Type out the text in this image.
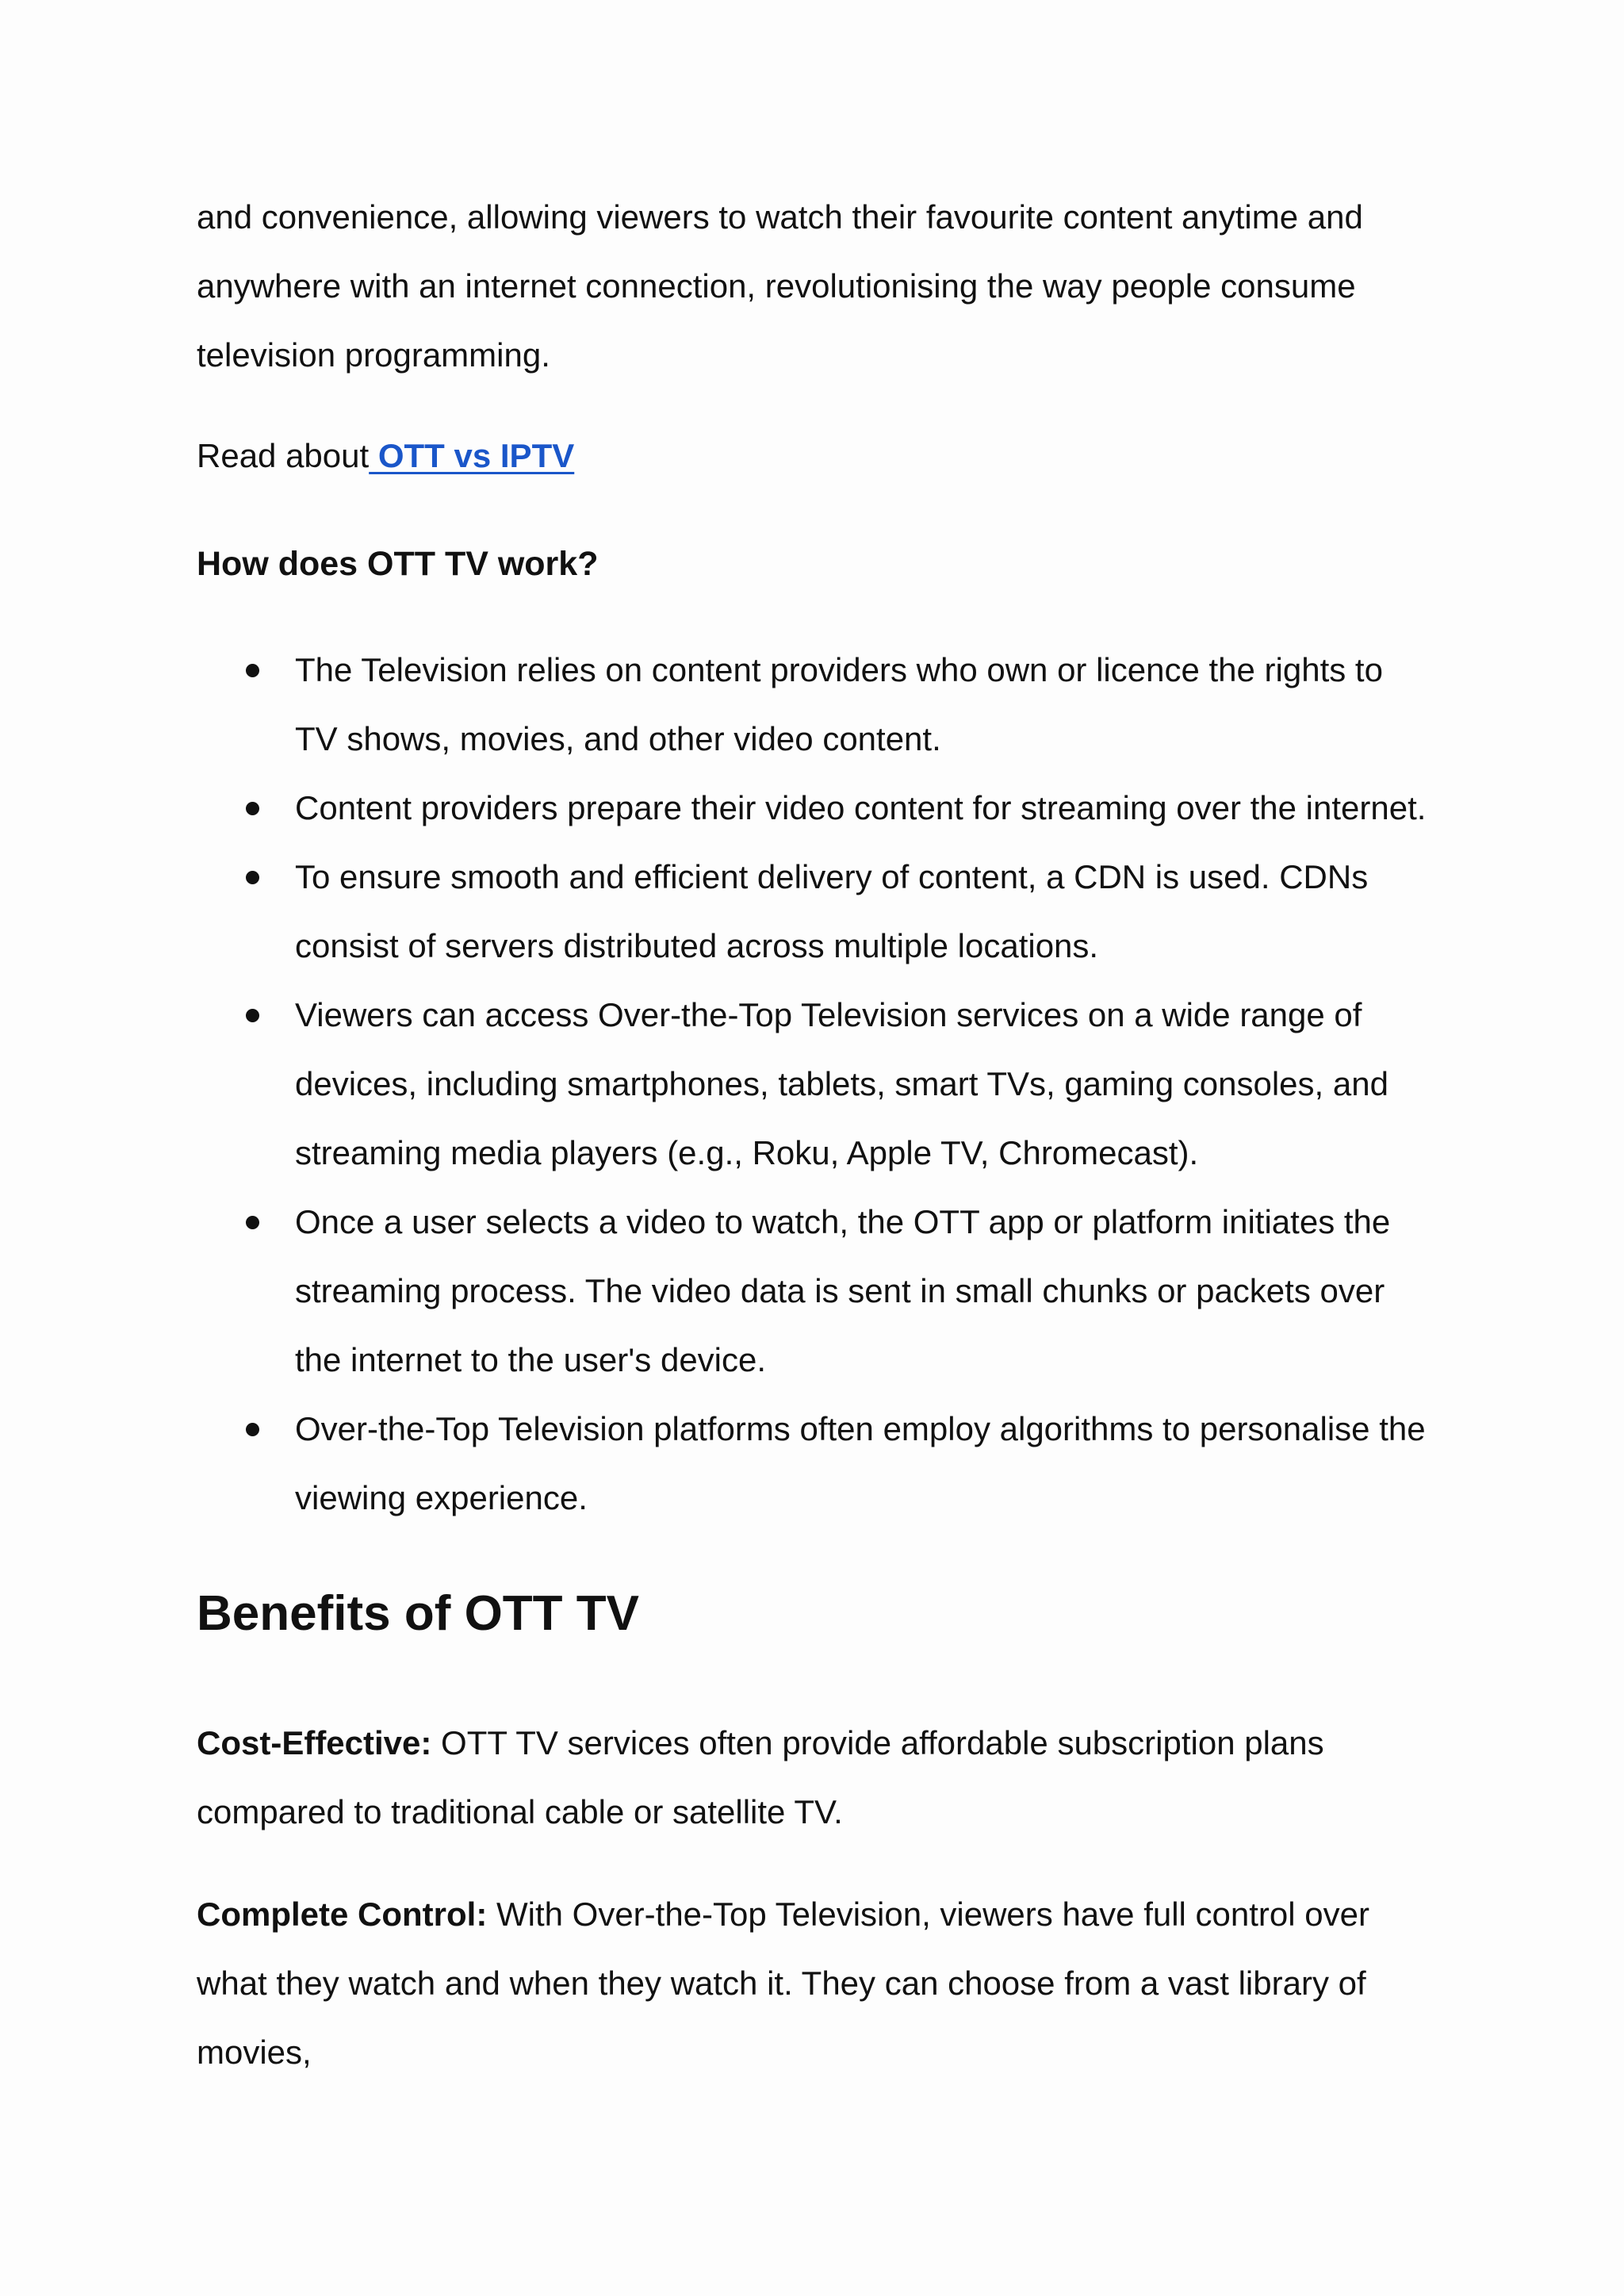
and convenience, allowing viewers to watch their favourite content anytime and anywhere with an internet connection, revolutionising the way people consume television programming.

Read about OTT vs IPTV

How does OTT TV work?
The Television relies on content providers who own or licence the rights to TV shows, movies, and other video content.
Content providers prepare their video content for streaming over the internet.
To ensure smooth and efficient delivery of content, a CDN is used. CDNs consist of servers distributed across multiple locations.
Viewers can access Over-the-Top Television services on a wide range of devices, including smartphones, tablets, smart TVs, gaming consoles, and streaming media players (e.g., Roku, Apple TV, Chromecast).
Once a user selects a video to watch, the OTT app or platform initiates the streaming process. The video data is sent in small chunks or packets over the internet to the user's device.
Over-the-Top Television platforms often employ algorithms to personalise the viewing experience.
Benefits of OTT TV

Cost-Effective: OTT TV services often provide affordable subscription plans compared to traditional cable or satellite TV.

Complete Control: With Over-the-Top Television, viewers have full control over what they watch and when they watch it. They can choose from a vast library of movies,
